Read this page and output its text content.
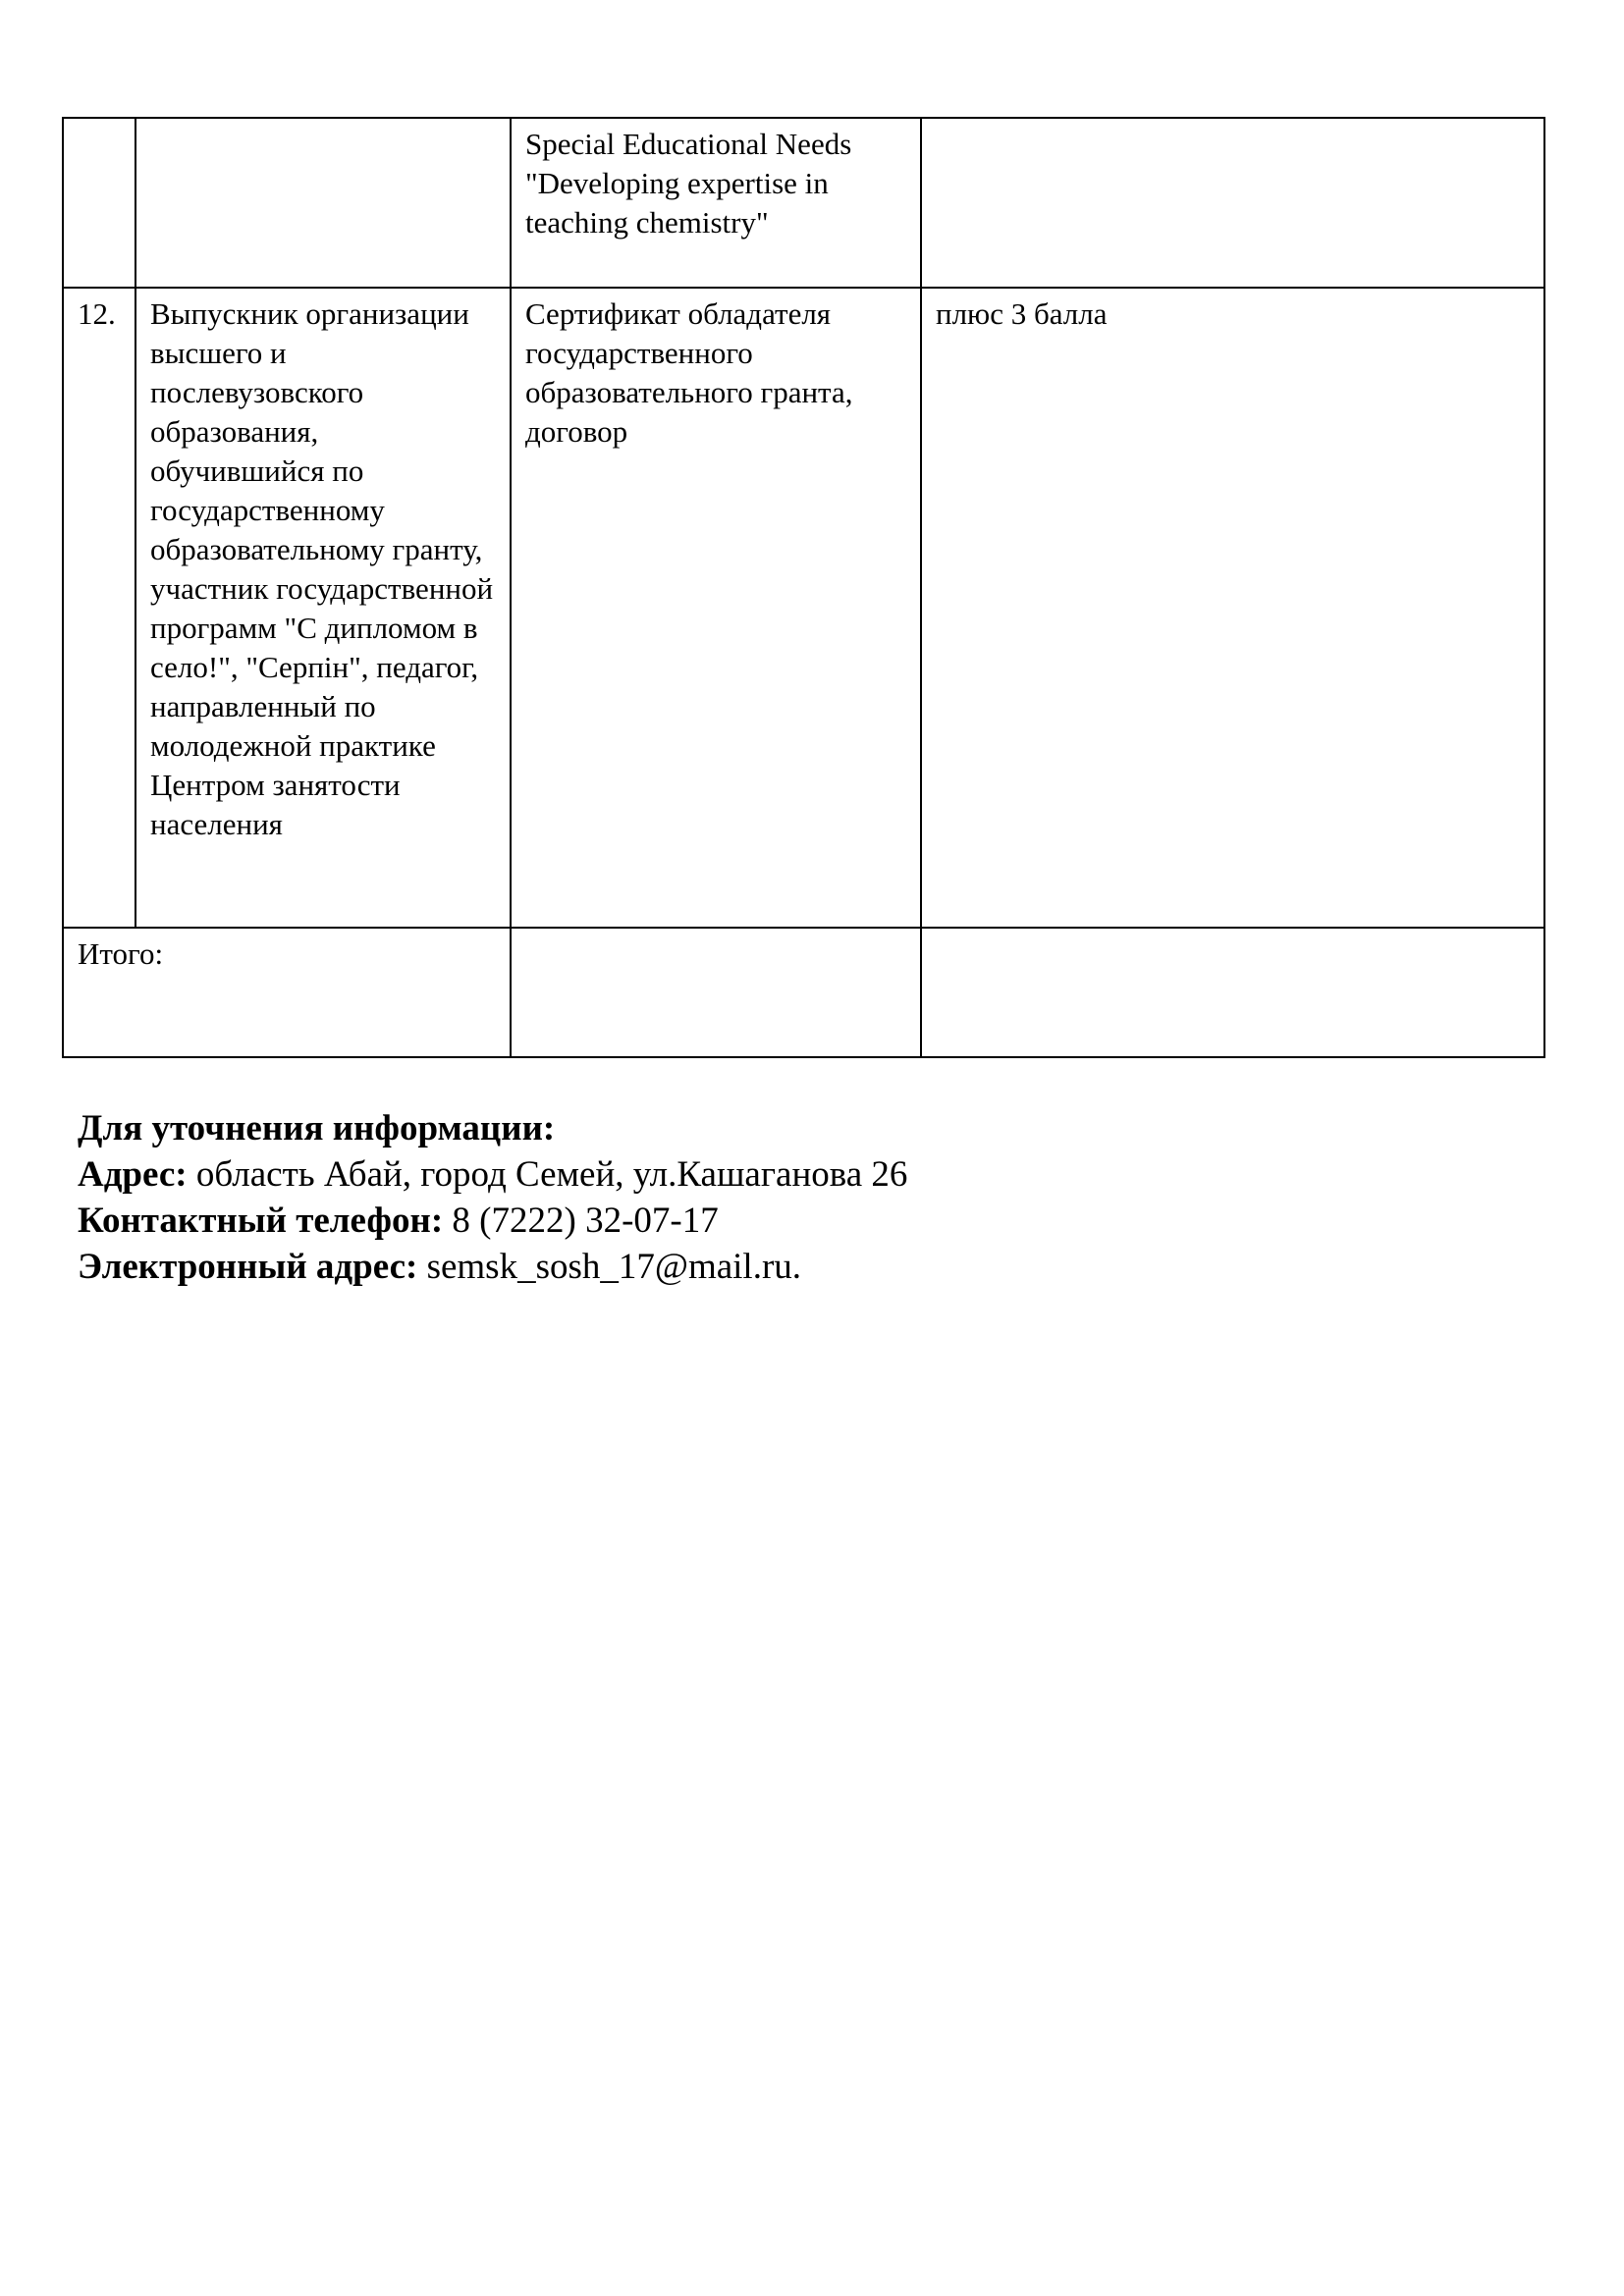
		Special Educational Needs "Developing expertise in teaching chemistry"	
12.	Выпускник организации высшего и послевузовского образования, обучившийся по государственному образовательному гранту, участник государственной программ "С дипломом в село!", "Серпін", педагог, направленный по молодежной практике Центром занятости населения	Сертификат обладателя государственного образовательного гранта, договор	плюс 3 балла
Итого:			
Для уточнения информации:
Адрес: область Абай, город Семей, ул.Кашаганова 26
Контактный телефон: 8 (7222) 32-07-17
Электронный адрес: semsk_sosh_17@mail.ru.
